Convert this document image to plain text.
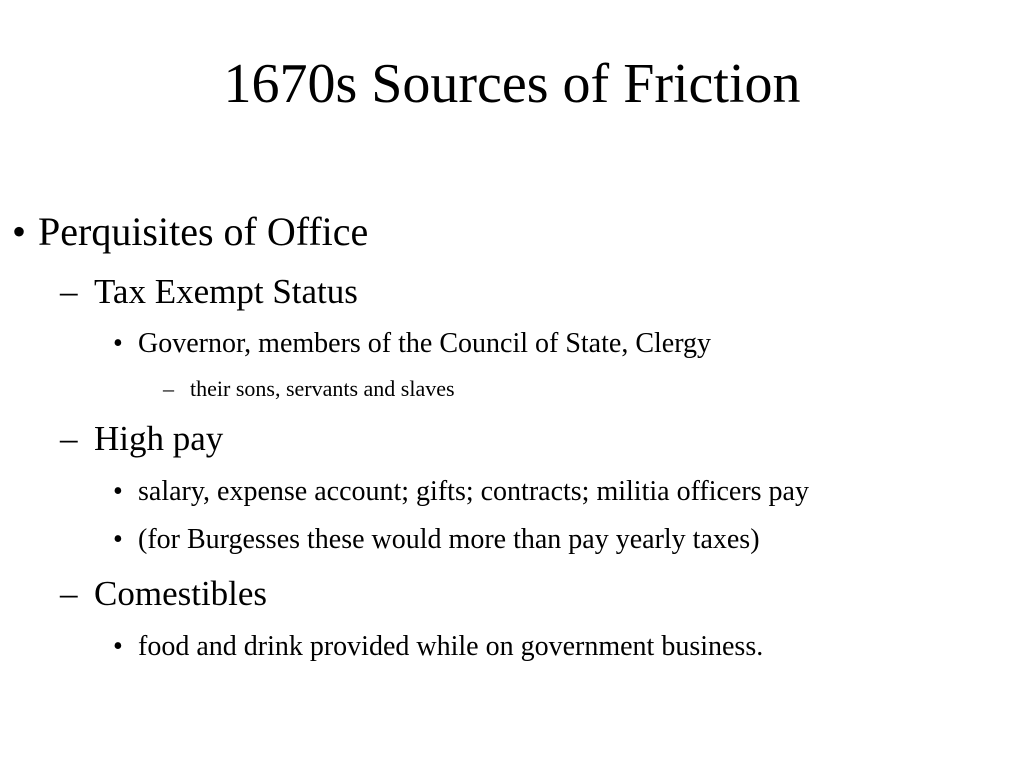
1670s Sources of Friction
• Perquisites of Office
– Tax Exempt Status
• Governor, members of the Council of State, Clergy
– their sons, servants and slaves
– High pay
• salary, expense account; gifts; contracts; militia officers pay
• (for Burgesses these would more than pay yearly taxes)
– Comestibles
• food and drink provided while on government business.
